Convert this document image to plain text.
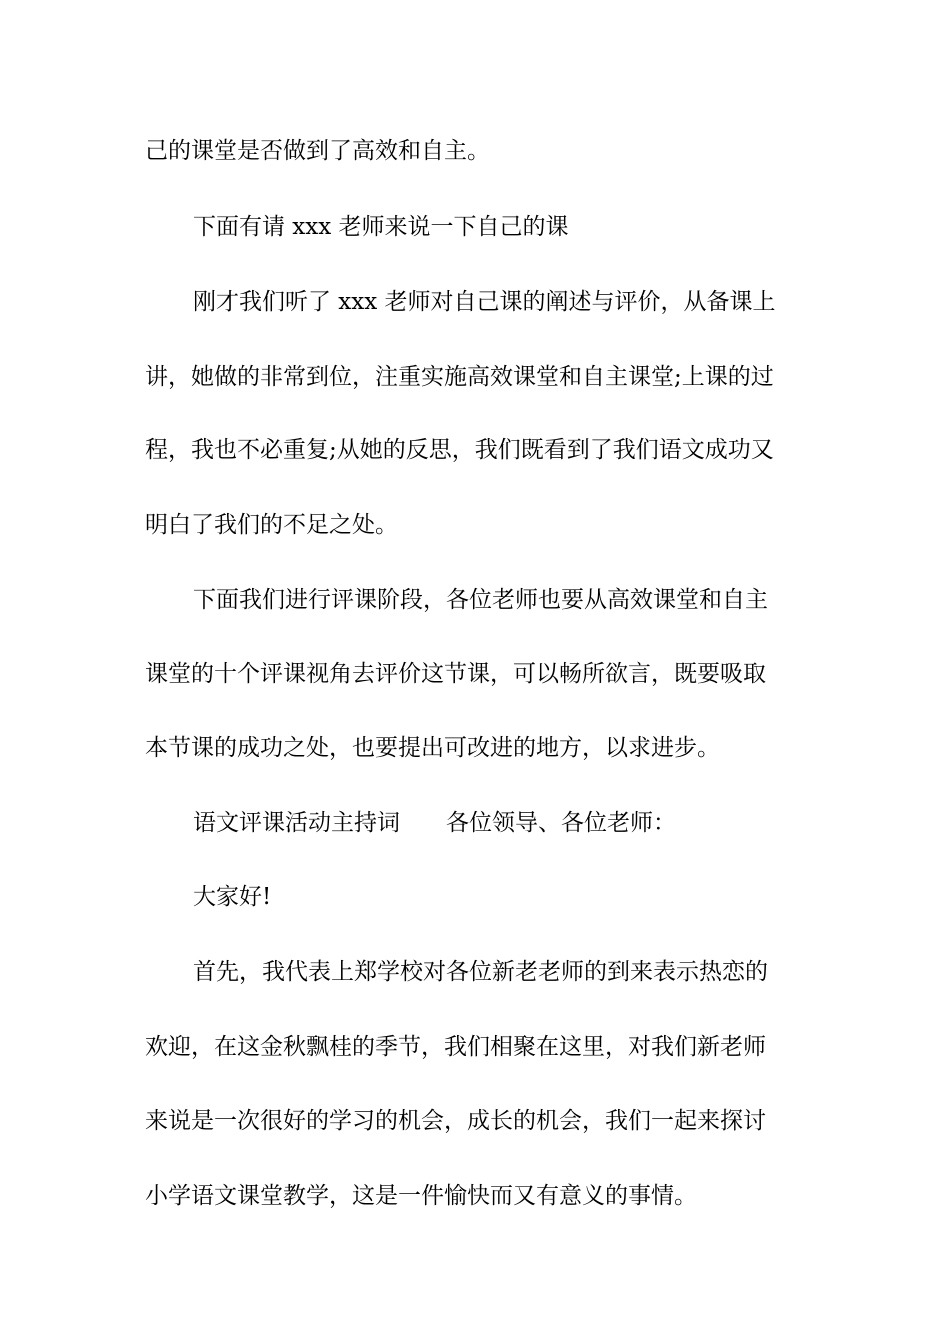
己的课堂是否做到了高效和自主。
下面有请 xxx 老师来说一下自己的课
刚才我们听了 xxx 老师对自己课的阐述与评价，从备课上
讲，她做的非常到位，注重实施高效课堂和自主课堂;上课的过
程，我也不必重复;从她的反思，我们既看到了我们语文成功又
明白了我们的不足之处。
下面我们进行评课阶段，各位老师也要从高效课堂和自主
课堂的十个评课视角去评价这节课，可以畅所欲言，既要吸取
本节课的成功之处，也要提出可改进的地方，以求进步。
语文评课活动主持词 各位领导、各位老师：
大家好!
首先，我代表上郑学校对各位新老老师的到来表示热恋的
欢迎，在这金秋飘桂的季节，我们相聚在这里，对我们新老师
来说是一次很好的学习的机会，成长的机会，我们一起来探讨
小学语文课堂教学，这是一件愉快而又有意义的事情。
